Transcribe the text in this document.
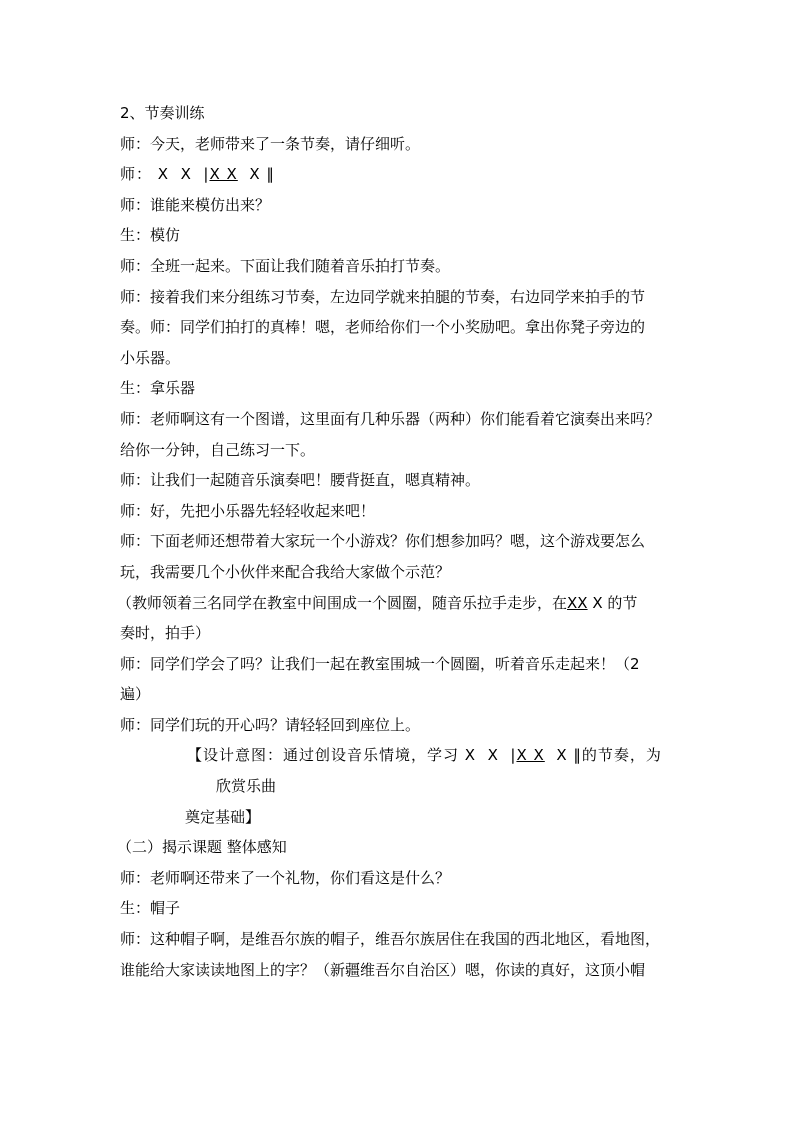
2、节奏训练
师：今天，老师带来了一条节奏，请仔细听。
师： X  X  |X X  X ‖
师：谁能来模仿出来？
生：模仿
师：全班一起来。下面让我们随着音乐拍打节奏。
师：接着我们来分组练习节奏，左边同学就来拍腿的节奏，右边同学来拍手的节
奏。师：同学们拍打的真棒！嗯，老师给你们一个小奖励吧。拿出你凳子旁边的
小乐器。
生：拿乐器
师：老师啊这有一个图谱，这里面有几种乐器（两种）你们能看着它演奏出来吗？
给你一分钟，自己练习一下。
师：让我们一起随音乐演奏吧！腰背挺直，嗯真精神。
师：好，先把小乐器先轻轻收起来吧！
师：下面老师还想带着大家玩一个小游戏？你们想参加吗？嗯，这个游戏要怎么
玩，我需要几个小伙伴来配合我给大家做个示范？
（教师领着三名同学在教室中间围成一个圆圈，随音乐拉手走步，在XX X 的节
奏时，拍手）
师：同学们学会了吗？让我们一起在教室围城一个圆圈，听着音乐走起来！（2
遍）
师：同学们玩的开心吗？请轻轻回到座位上。
【设计意图：通过创设音乐情境，学习 X  X  |X X  X ‖的节奏，为
欣赏乐曲
奠定基础】
（二）揭示课题 整体感知
师：老师啊还带来了一个礼物，你们看这是什么？
生：帽子
师：这种帽子啊，是维吾尔族的帽子，维吾尔族居住在我国的西北地区，看地图，
谁能给大家读读地图上的字？（新疆维吾尔自治区）嗯，你读的真好，这顶小帽
